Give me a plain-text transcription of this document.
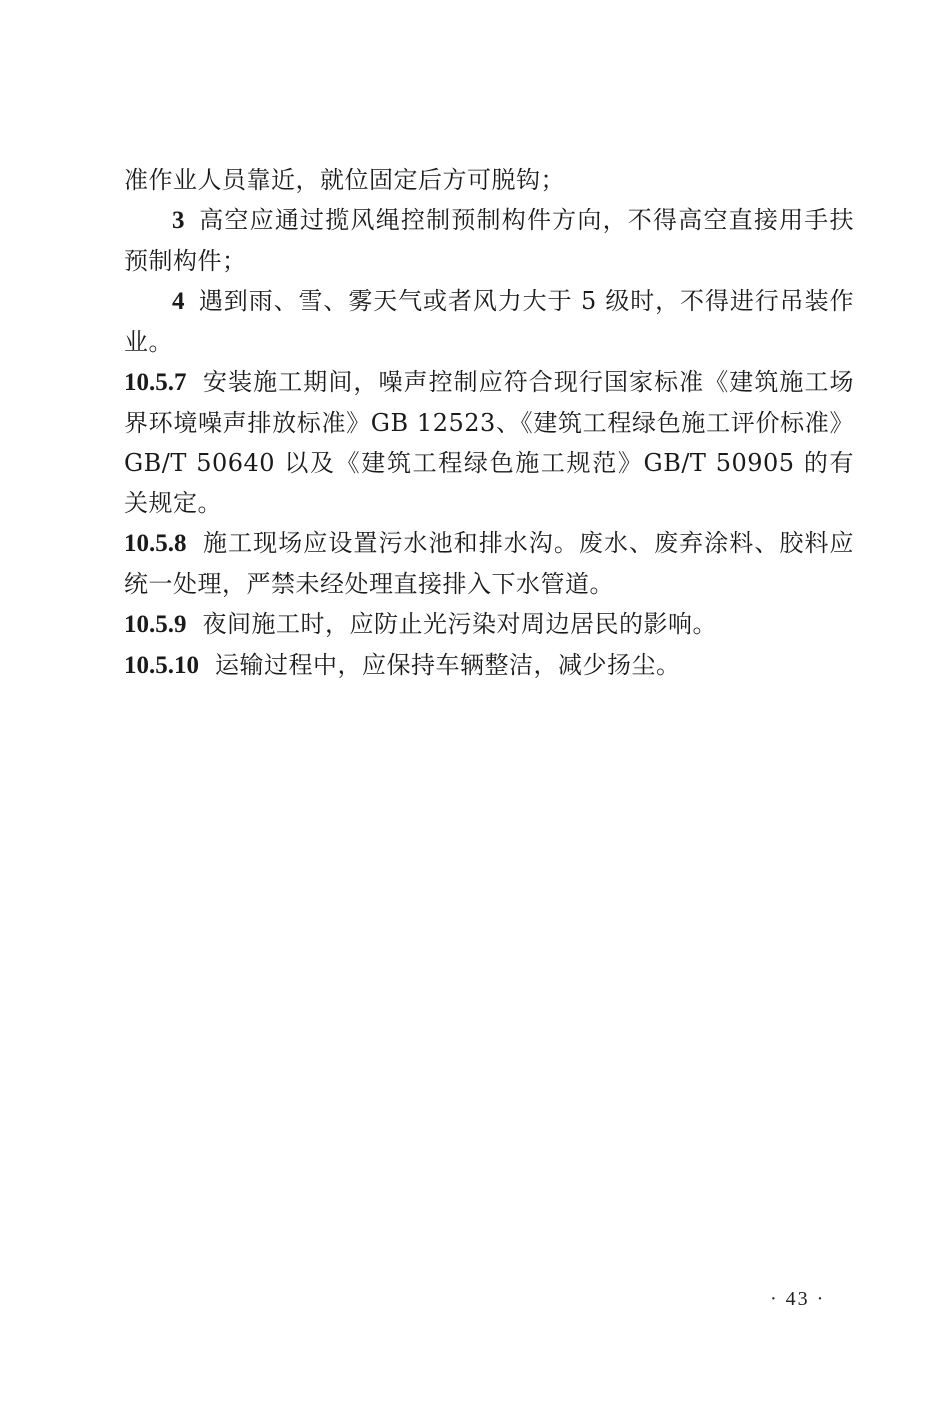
准作业人员靠近，就位固定后方可脱钩；

3 高空应通过揽风绳控制预制构件方向，不得高空直接用手扶预制构件；

4 遇到雨、雪、雾天气或者风力大于 5 级时，不得进行吊装作业。

10.5.7 安装施工期间，噪声控制应符合现行国家标准《建筑施工场界环境噪声排放标准》GB 12523、《建筑工程绿色施工评价标准》GB/T 50640 以及《建筑工程绿色施工规范》GB/T 50905 的有关规定。

10.5.8 施工现场应设置污水池和排水沟。废水、废弃涂料、胶料应统一处理，严禁未经处理直接排入下水管道。

10.5.9 夜间施工时，应防止光污染对周边居民的影响。

10.5.10 运输过程中，应保持车辆整洁，减少扬尘。

· 43 ·
